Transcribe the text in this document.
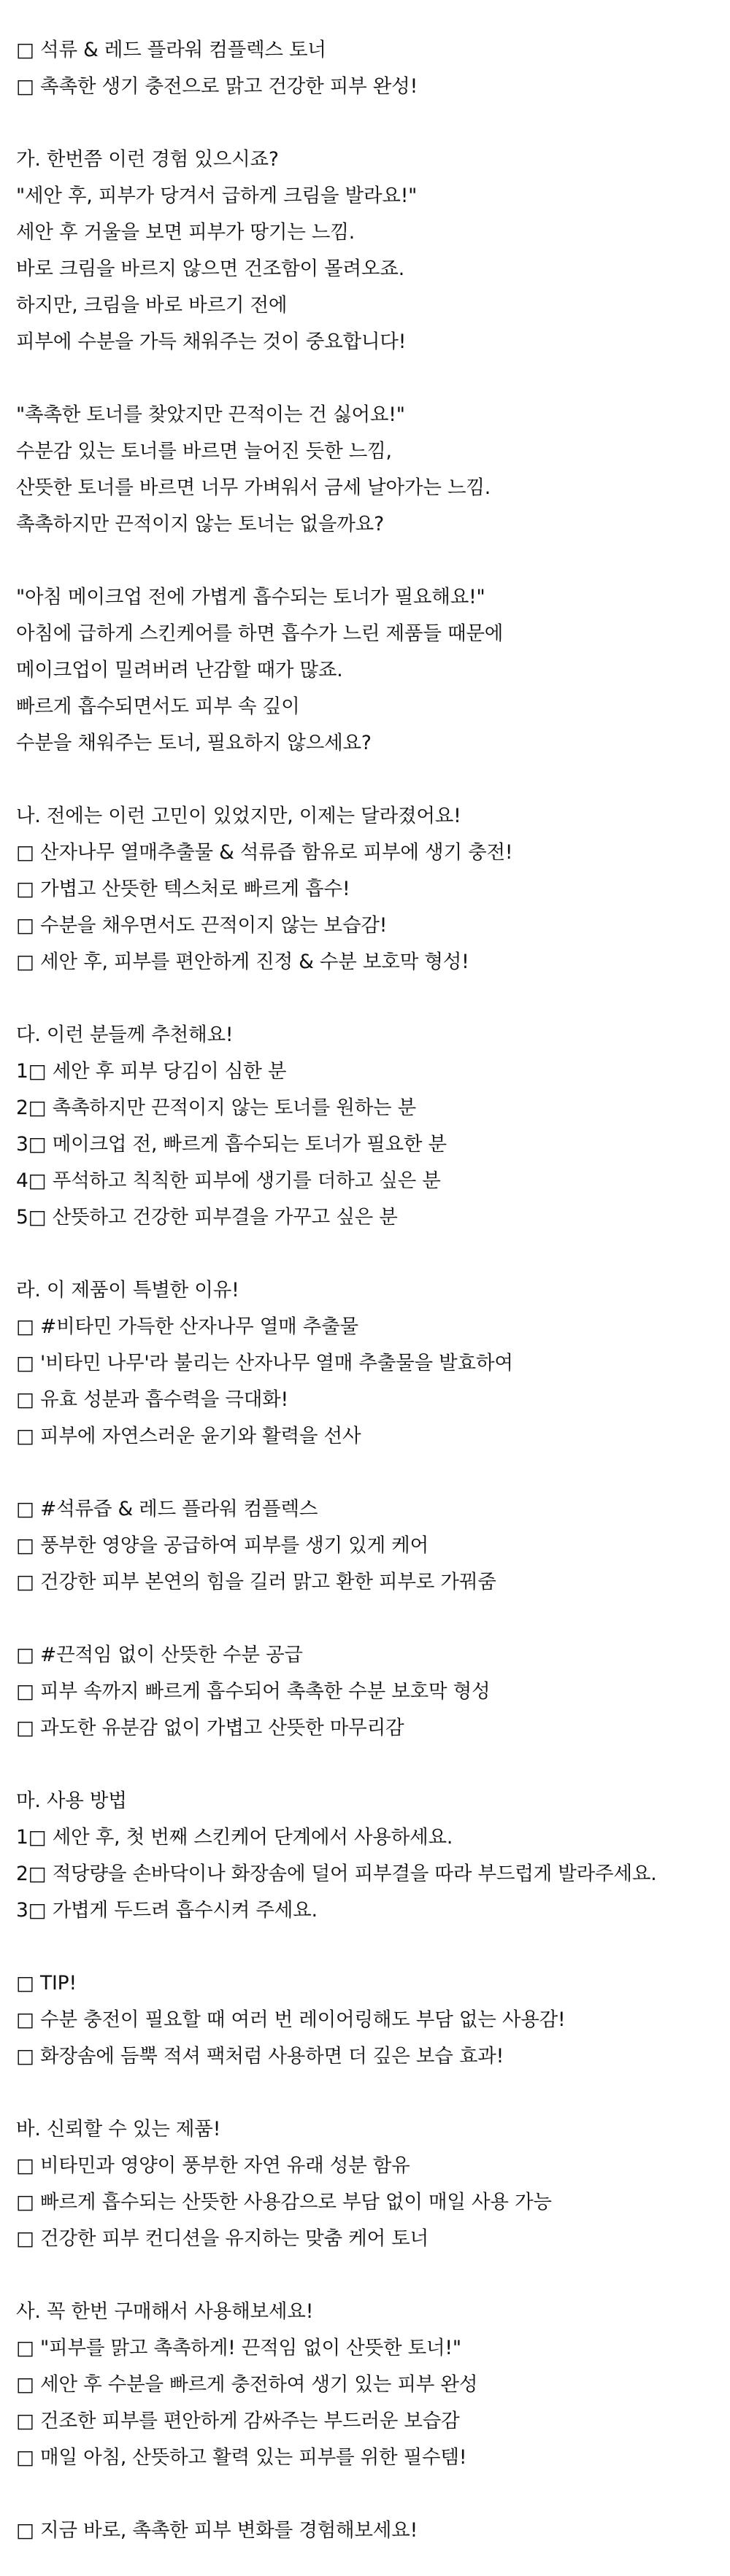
□ 석류 & 레드 플라워 컴플렉스 토너
□ 촉촉한 생기 충전으로 맑고 건강한 피부 완성!
가. 한번쯤 이런 경험 있으시죠?
"세안 후, 피부가 당겨서 급하게 크림을 발라요!"
세안 후 거울을 보면 피부가 땅기는 느낌.
바로 크림을 바르지 않으면 건조함이 몰려오죠.
하지만, 크림을 바로 바르기 전에
피부에 수분을 가득 채워주는 것이 중요합니다!
"촉촉한 토너를 찾았지만 끈적이는 건 싫어요!"
수분감 있는 토너를 바르면 늘어진 듯한 느낌,
산뜻한 토너를 바르면 너무 가벼워서 금세 날아가는 느낌.
촉촉하지만 끈적이지 않는 토너는 없을까요?
"아침 메이크업 전에 가볍게 흡수되는 토너가 필요해요!"
아침에 급하게 스킨케어를 하면 흡수가 느린 제품들 때문에
메이크업이 밀려버려 난감할 때가 많죠.
빠르게 흡수되면서도 피부 속 깊이
수분을 채워주는 토너, 필요하지 않으세요?
나. 전에는 이런 고민이 있었지만, 이제는 달라졌어요!
□ 산자나무 열매추출물 & 석류즙 함유로 피부에 생기 충전!
□ 가볍고 산뜻한 텍스처로 빠르게 흡수!
□ 수분을 채우면서도 끈적이지 않는 보습감!
□ 세안 후, 피부를 편안하게 진정 & 수분 보호막 형성!
다. 이런 분들께 추천해요!
1□ 세안 후 피부 당김이 심한 분
2□ 촉촉하지만 끈적이지 않는 토너를 원하는 분
3□ 메이크업 전, 빠르게 흡수되는 토너가 필요한 분
4□ 푸석하고 칙칙한 피부에 생기를 더하고 싶은 분
5□ 산뜻하고 건강한 피부결을 가꾸고 싶은 분
라. 이 제품이 특별한 이유!
□ #비타민 가득한 산자나무 열매 추출물
□ '비타민 나무'라 불리는 산자나무 열매 추출물을 발효하여
□ 유효 성분과 흡수력을 극대화!
□ 피부에 자연스러운 윤기와 활력을 선사
□ #석류즙 & 레드 플라워 컴플렉스
□ 풍부한 영양을 공급하여 피부를 생기 있게 케어
□ 건강한 피부 본연의 힘을 길러 맑고 환한 피부로 가꿔줌
□ #끈적임 없이 산뜻한 수분 공급
□ 피부 속까지 빠르게 흡수되어 촉촉한 수분 보호막 형성
□ 과도한 유분감 없이 가볍고 산뜻한 마무리감
마. 사용 방법
1□ 세안 후, 첫 번째 스킨케어 단계에서 사용하세요.
2□ 적당량을 손바닥이나 화장솜에 덜어 피부결을 따라 부드럽게 발라주세요.
3□ 가볍게 두드려 흡수시켜 주세요.
□ TIP!
□ 수분 충전이 필요할 때 여러 번 레이어링해도 부담 없는 사용감!
□ 화장솜에 듬뿍 적셔 팩처럼 사용하면 더 깊은 보습 효과!
바. 신뢰할 수 있는 제품!
□ 비타민과 영양이 풍부한 자연 유래 성분 함유
□ 빠르게 흡수되는 산뜻한 사용감으로 부담 없이 매일 사용 가능
□ 건강한 피부 컨디션을 유지하는 맞춤 케어 토너
사. 꼭 한번 구매해서 사용해보세요!
□ "피부를 맑고 촉촉하게! 끈적임 없이 산뜻한 토너!"
□ 세안 후 수분을 빠르게 충전하여 생기 있는 피부 완성
□ 건조한 피부를 편안하게 감싸주는 부드러운 보습감
□ 매일 아침, 산뜻하고 활력 있는 피부를 위한 필수템!
□ 지금 바로, 촉촉한 피부 변화를 경험해보세요!
